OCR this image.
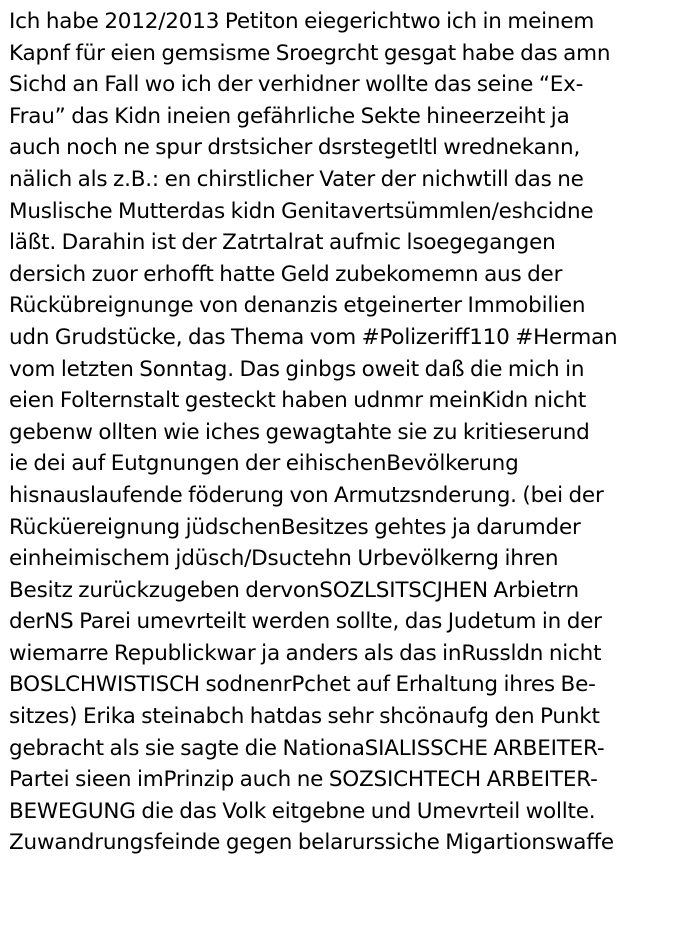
Ich habe 2012/2013 Petiton eiegerichtwo ich in meinem
Kapnf für eien gemsisme Sroegrcht gesgat habe das amn
Sichd an Fall wo ich der verhidner wollte das seine “Ex-
Frau” das Kidn ineien gefährliche Sekte hineerzeiht ja
auch noch ne spur drstsicher dsrstegetltl wrednekann,
nälich als z.B.: en chirstlicher Vater der nichwtill das ne
Muslische Mutterdas kidn Genitavertsümmlen/eshcidne
läßt. Darahin ist der Zatrtalrat aufmic lsoegegangen
dersich zuor erhofft hatte Geld zubekomemn aus der
Rückübreignunge von denanzis etgeinerter Immobilien
udn Grudstücke, das Thema vom #Polizeriff110 #Herman
vom letzten Sonntag. Das ginbgs oweit daß die mich in
eien Folternstalt gesteckt haben udnmr meinKidn nicht
gebenw ollten wie iches gewagtahte sie zu kritieserund
ie dei auf Eutgnungen der eihischenBevölkerung
hisnauslaufende föderung von Armutzsnderung. (bei der
Rücküereignung jüdschenBesitzes gehtes ja darumder
einheimischem jdüsch/Dsuctehn Urbevölkerng ihren
Besitz zurückzugeben dervonSOZLSITSCJHEN Arbietrn
derNS Parei umevrteilt werden sollte, das Judetum in der
wiemarre Republickwar ja anders als das inRussldn nicht
BOSLCHWISTISCH sodnenrPchet auf Erhaltung ihres Be-
sitzes) Erika steinabch hatdas sehr shcönaufg den Punkt
gebracht als sie sagte die NationaSIALISSCHE ARBEITER-
Partei sieen imPrinzip auch ne SOZSICHTECH ARBEITER-
BEWEGUNG die das Volk eitgebne und Umevrteil wollte.
Zuwandrungsfeinde gegen belarurssiche Migartionswaffe
